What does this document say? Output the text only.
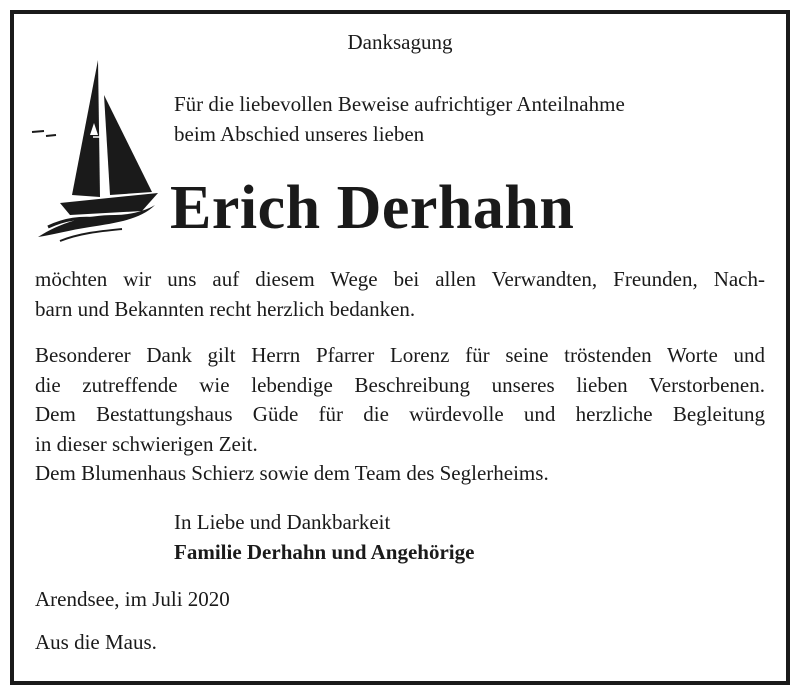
Danksagung
Für die liebevollen Beweise aufrichtiger Anteilnahme
beim Abschied unseres lieben
Erich Derhahn
möchten wir uns auf diesem Wege bei allen Verwandten, Freunden, Nach-
barn und Bekannten recht herzlich bedanken.
Besonderer Dank gilt Herrn Pfarrer Lorenz für seine tröstenden Worte und
die zutreffende wie lebendige Beschreibung unseres lieben Verstorbenen.
Dem Bestattungshaus Güde für die würdevolle und herzliche Begleitung
in dieser schwierigen Zeit.
Dem Blumenhaus Schierz sowie dem Team des Seglerheims.
In Liebe und Dankbarkeit
Familie Derhahn und Angehörige
Arendsee, im Juli 2020
Aus die Maus.
